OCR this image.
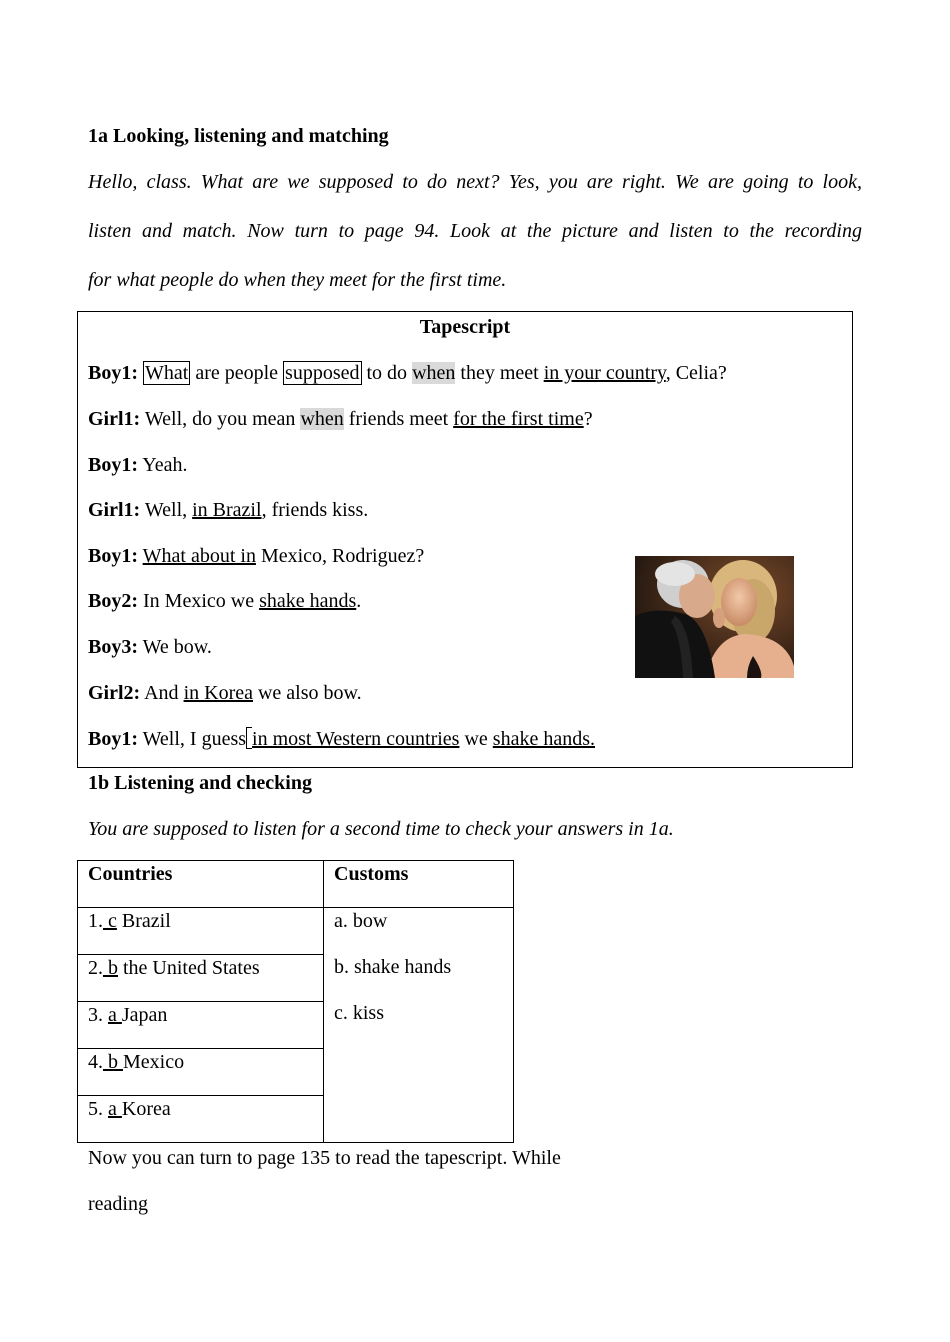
1a Looking, listening and matching
Hello, class. What are we supposed to do next? Yes, you are right. We are going to look,
listen and match. Now turn to page 94. Look at the picture and listen to the recording
for what people do when they meet for the first time.
Tapescript
Boy1: What are people supposed to do when they meet in your country, Celia?
Girl1: Well, do you mean when friends meet for the first time?
Boy1: Yeah.
Girl1: Well, in Brazil, friends kiss.
Boy1: What about in Mexico, Rodriguez?
Boy2: In Mexico we shake hands.
Boy3: We bow.
Girl2: And in Korea we also bow.
Boy1: Well, I guess in most Western countries we shake hands.
1b Listening and checking
You are supposed to listen for a second time to check your answers in 1a.
Countries	Customs
1. c Brazil	a. bow
b. shake hands
c. kiss

2. b the United States	
3. a Japan	
4. b Mexico	
5. a Korea	
Now you can turn to page 135 to read the tapescript. While
reading
